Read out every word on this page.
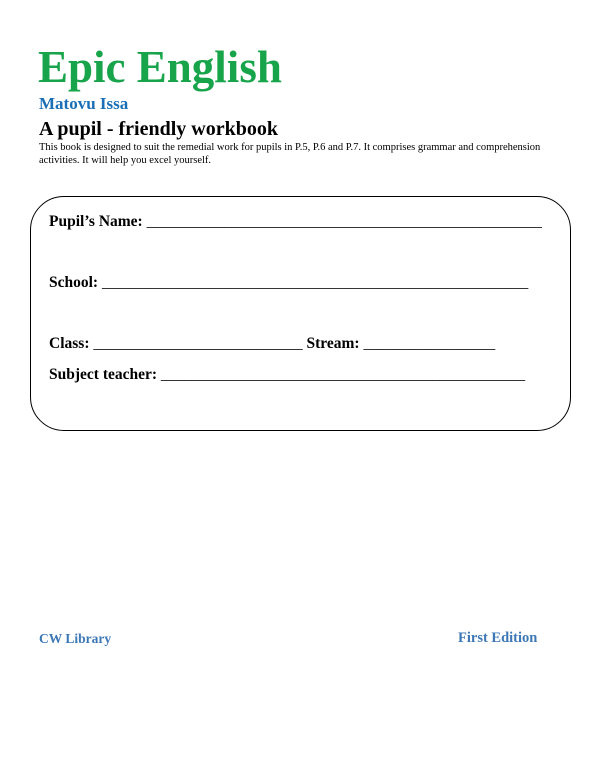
Epic English
Matovu Issa
A pupil - friendly workbook
This book is designed to suit the remedial work for pupils in P.5, P.6 and P.7. It comprises grammar and comprehension activities. It will help you excel yourself.
Pupil’s Name: ___________________________________________________
School: _______________________________________________________
Class: ___________________________ Stream: _________________
Subject teacher: _______________________________________________
CW Library	First Edition
